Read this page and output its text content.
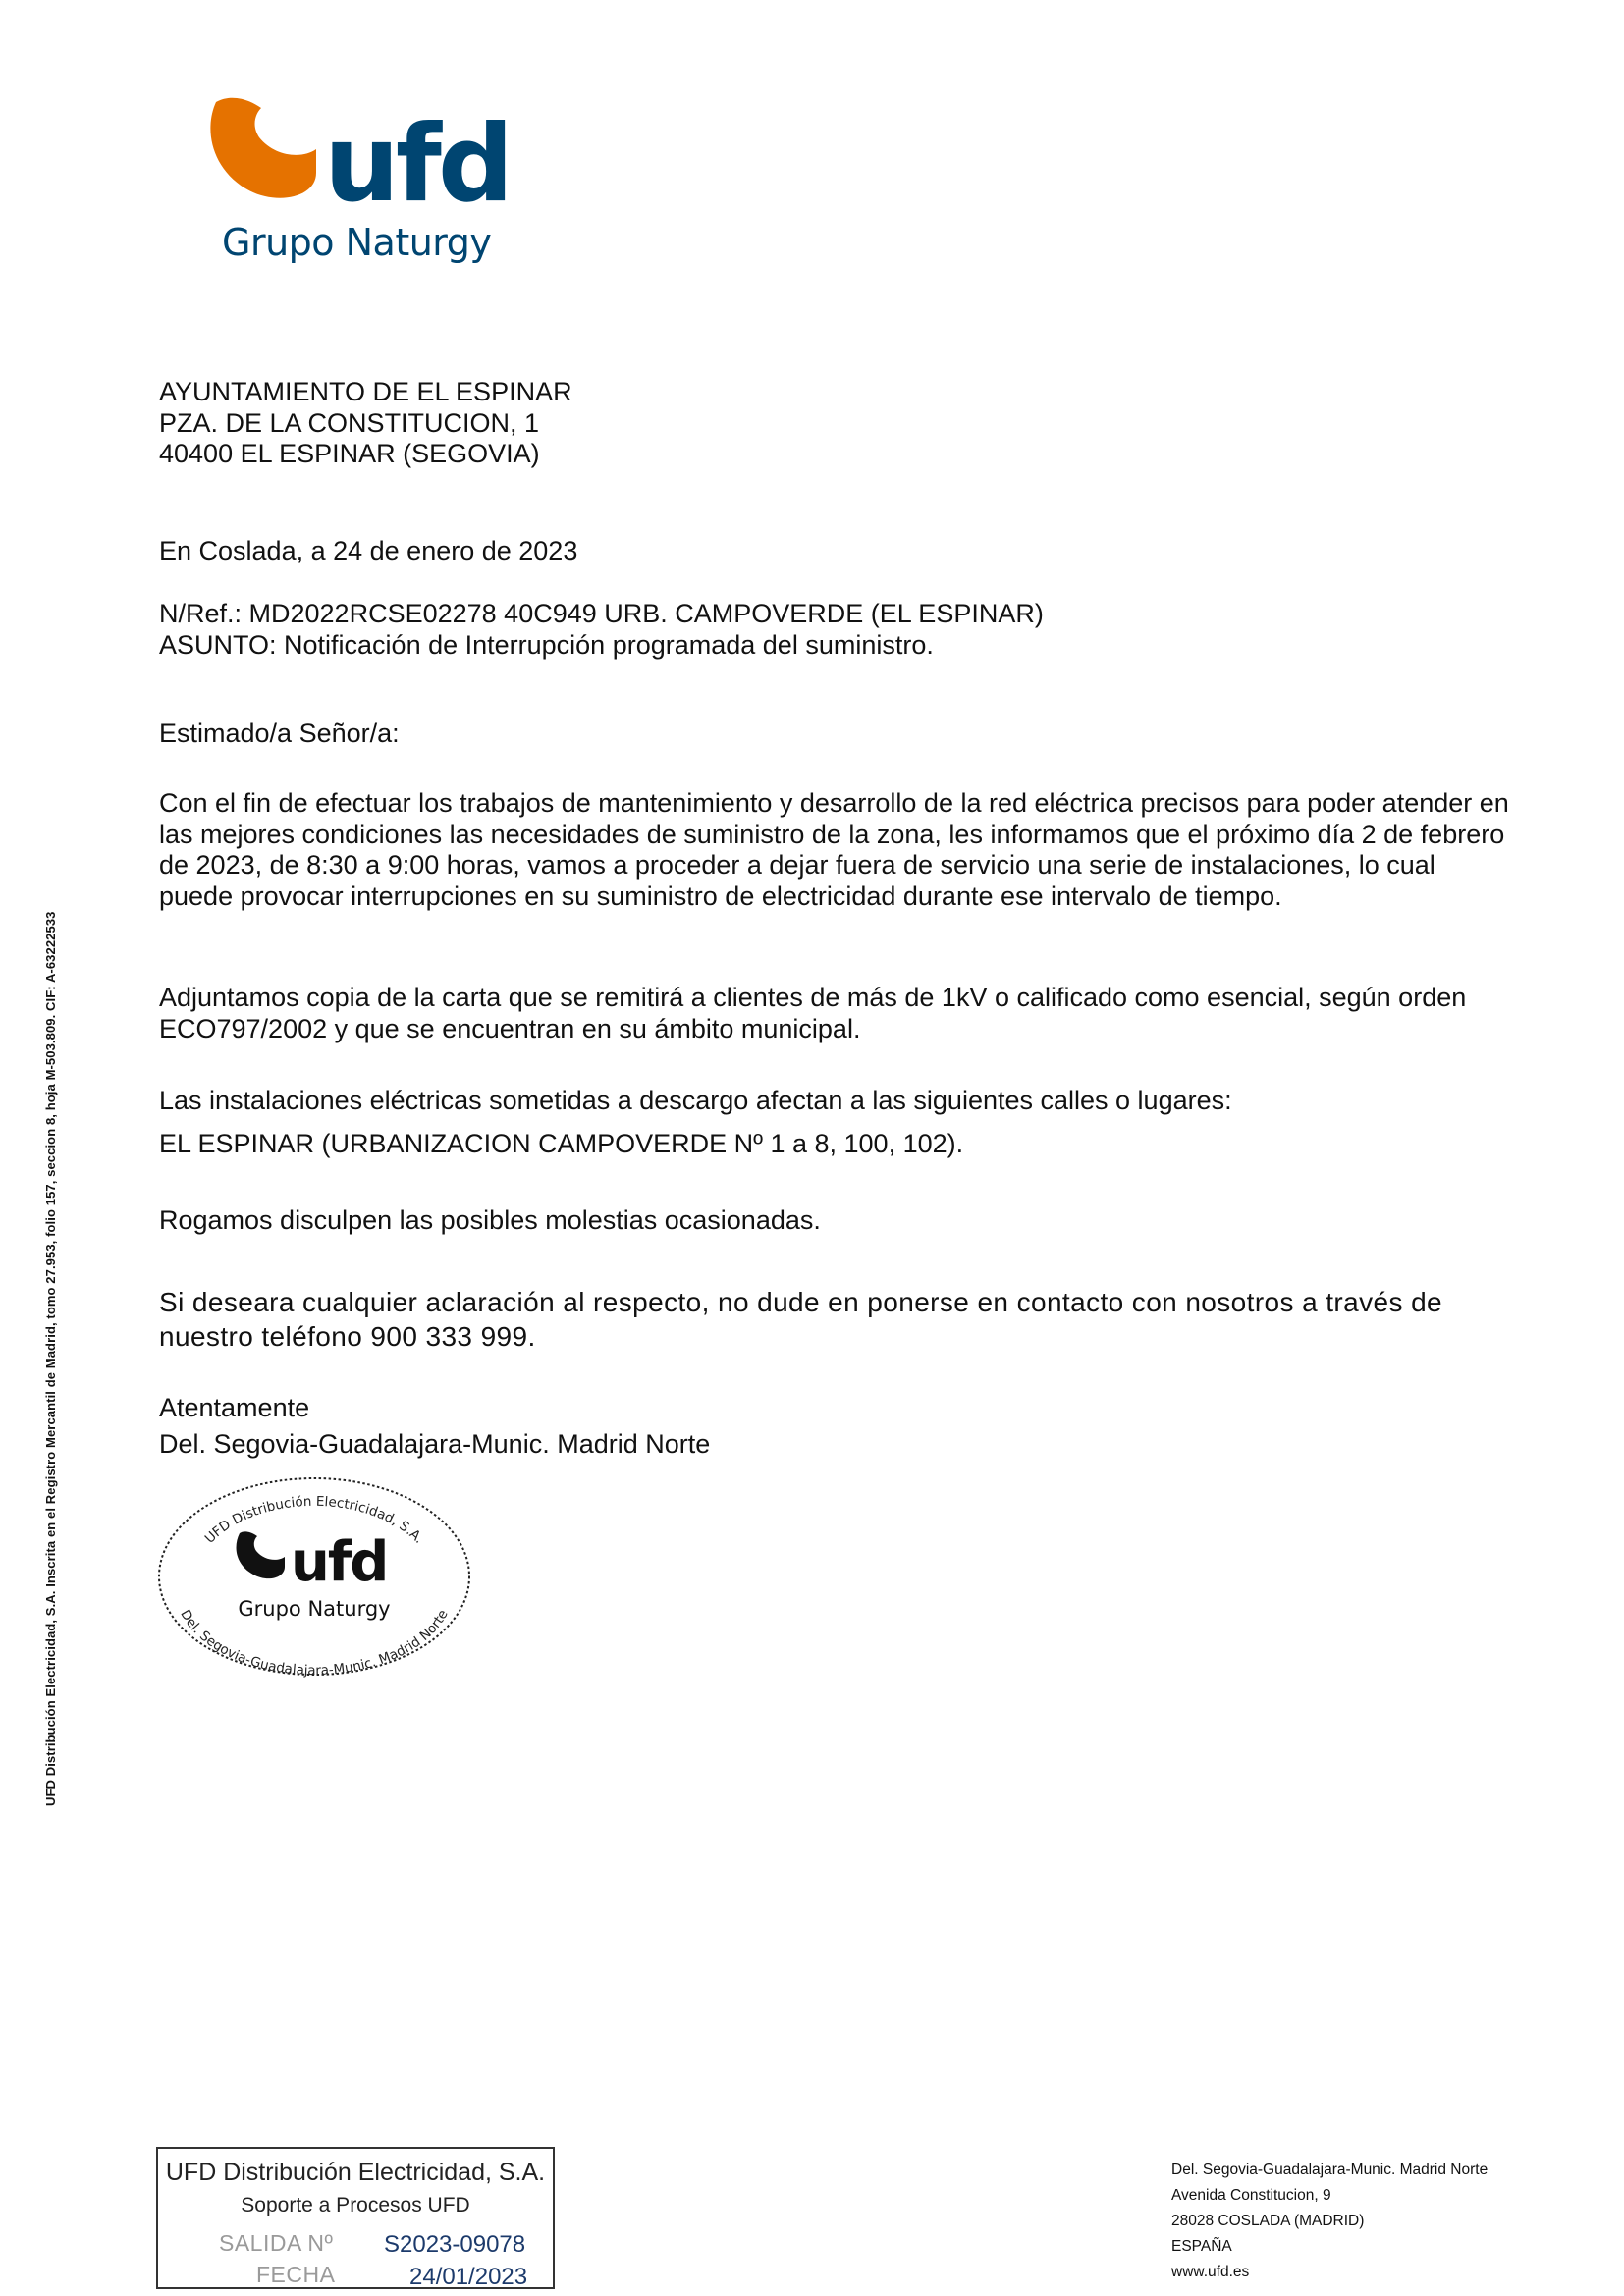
ufd
Grupo Naturgy
UFD Distribución Electricidad, S.A. Inscrita en el Registro Mercantil de Madrid, tomo 27.953, folio 157, seccion 8, hoja M-503.809. CIF: A-63222533
AYUNTAMIENTO DE EL ESPINAR
PZA. DE LA CONSTITUCION, 1
40400 EL ESPINAR (SEGOVIA)
En Coslada, a 24 de enero de 2023
N/Ref.: MD2022RCSE02278 40C949 URB. CAMPOVERDE (EL ESPINAR)
ASUNTO: Notificación de Interrupción programada del suministro.
Estimado/a Señor/a:
Con el fin de efectuar los trabajos de mantenimiento y desarrollo de la red eléctrica precisos para poder atender en las mejores condiciones las necesidades de suministro de la zona, les informamos que el próximo día 2 de febrero de 2023, de 8:30 a 9:00 horas, vamos a proceder a dejar fuera de servicio una serie de instalaciones, lo cual puede provocar interrupciones en su suministro de electricidad durante ese intervalo de tiempo.
Adjuntamos copia de la carta que se remitirá a clientes de más de 1kV o calificado como esencial, según orden ECO797/2002 y que se encuentran en su ámbito municipal.
Las instalaciones eléctricas sometidas a descargo afectan a las siguientes calles o lugares:
EL ESPINAR (URBANIZACION CAMPOVERDE Nº 1 a 8, 100, 102).
Rogamos disculpen las posibles molestias ocasionadas.
Si deseara cualquier aclaración al respecto, no dude en ponerse en contacto con nosotros a través de nuestro teléfono 900 333 999.
Atentamente
Del. Segovia-Guadalajara-Munic. Madrid Norte
UFD Distribución Electricidad, S.A.
ufd
Grupo Naturgy
Del. Segovia-Guadalajara-Munic. Madrid Norte
UFD Distribución Electricidad, S.A.
Soporte a Procesos UFD
SALIDA Nº S2023-09078
FECHA	24/01/2023
Del. Segovia-Guadalajara-Munic. Madrid Norte
Avenida Constitucion, 9
28028 COSLADA (MADRID)
ESPAÑA
www.ufd.es
